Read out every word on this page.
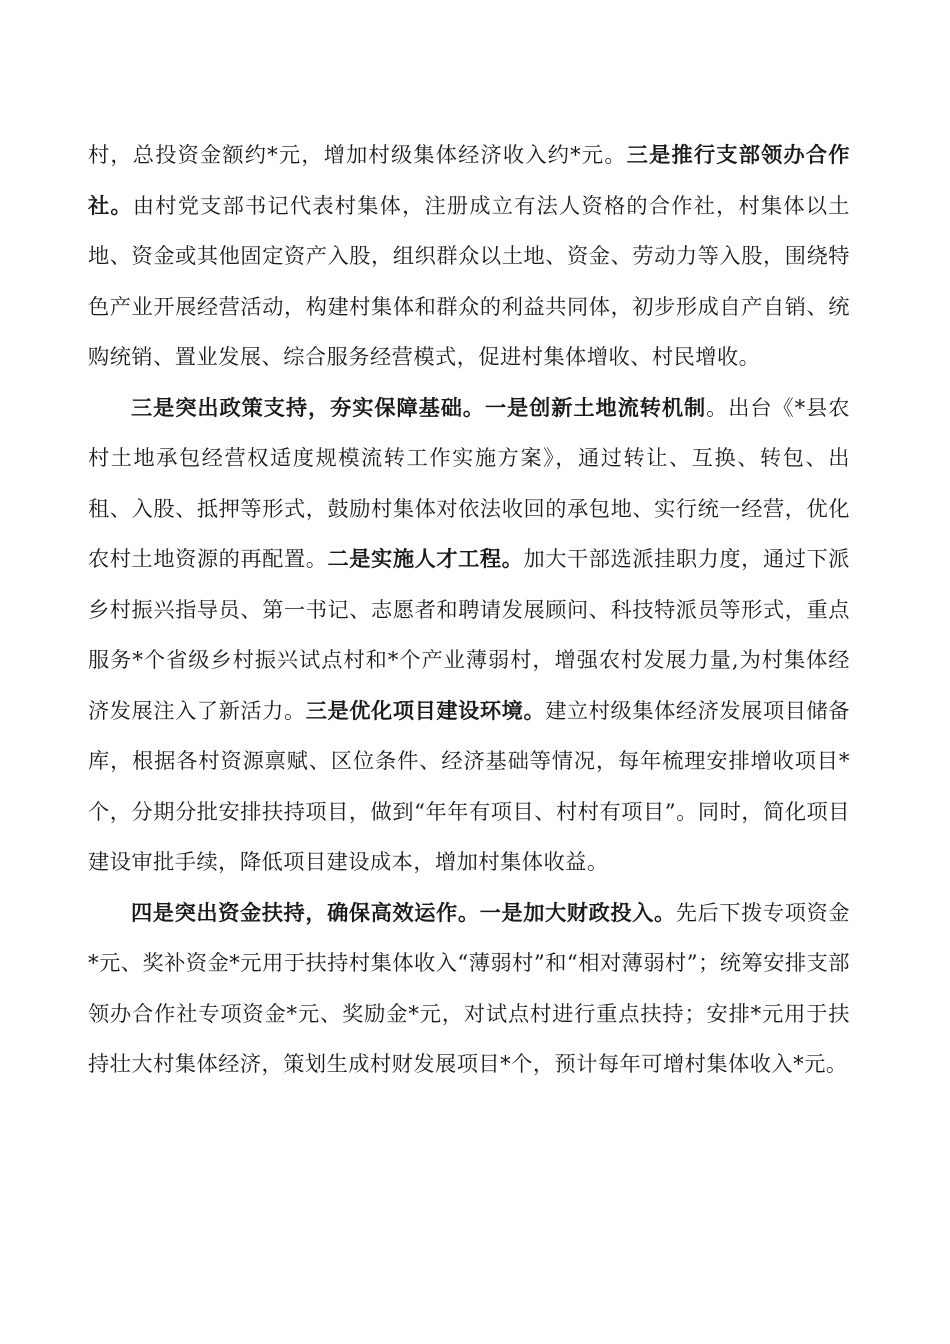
村，总投资金额约*元，增加村级集体经济收入约*元。三是推行支部领办合作社。由村党支部书记代表村集体，注册成立有法人资格的合作社，村集体以土地、资金或其他固定资产入股，组织群众以土地、资金、劳动力等入股，围绕特色产业开展经营活动，构建村集体和群众的利益共同体，初步形成自产自销、统购统销、置业发展、综合服务经营模式，促进村集体增收、村民增收。

三是突出政策支持，夯实保障基础。一是创新土地流转机制。出台《*县农村土地承包经营权适度规模流转工作实施方案》，通过转让、互换、转包、出租、入股、抵押等形式，鼓励村集体对依法收回的承包地、实行统一经营，优化农村土地资源的再配置。二是实施人才工程。加大干部选派挂职力度，通过下派乡村振兴指导员、第一书记、志愿者和聘请发展顾问、科技特派员等形式，重点服务*个省级乡村振兴试点村和*个产业薄弱村，增强农村发展力量,为村集体经济发展注入了新活力。三是优化项目建设环境。建立村级集体经济发展项目储备库，根据各村资源禀赋、区位条件、经济基础等情况，每年梳理安排增收项目*个，分期分批安排扶持项目，做到“年年有项目、村村有项目”。同时，简化项目建设审批手续，降低项目建设成本，增加村集体收益。

四是突出资金扶持，确保高效运作。一是加大财政投入。先后下拨专项资金*元、奖补资金*元用于扶持村集体收入“薄弱村”和“相对薄弱村”；统筹安排支部领办合作社专项资金*元、奖励金*元，对试点村进行重点扶持；安排*元用于扶持壮大村集体经济，策划生成村财发展项目*个，预计每年可增村集体收入*元。
